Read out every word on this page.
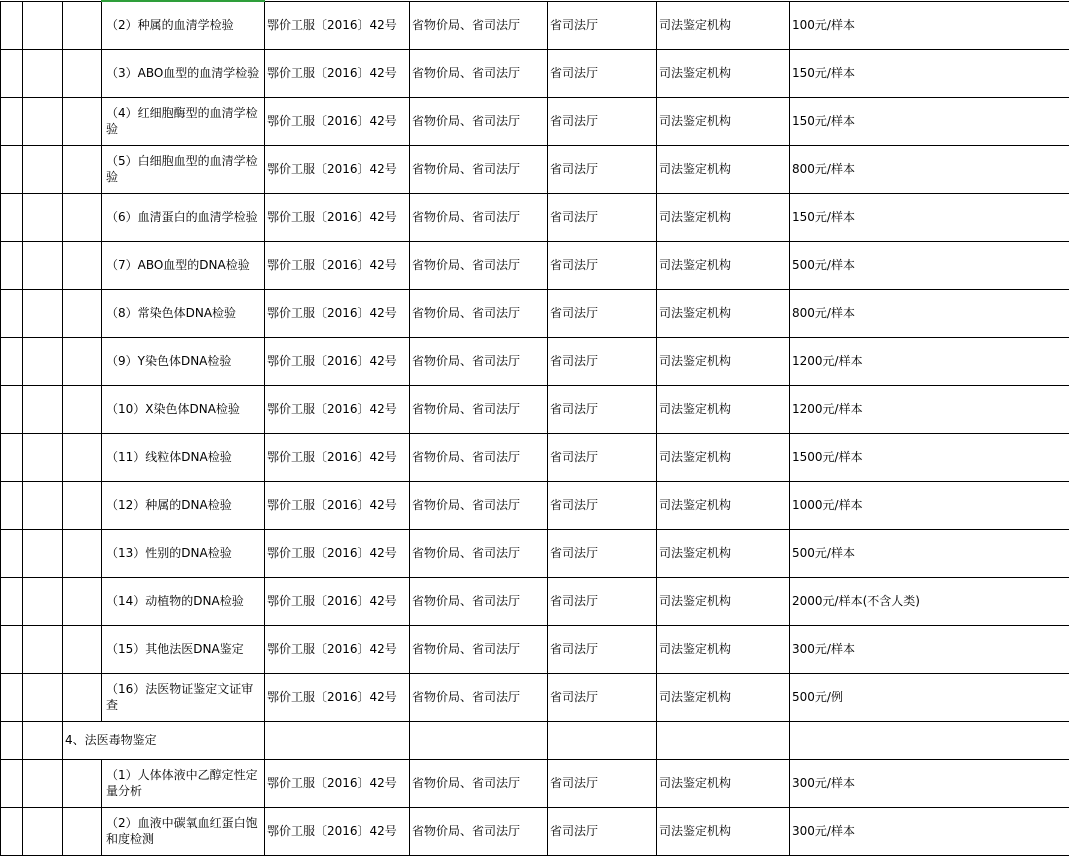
			（2）种属的血清学检验	鄂价工服〔2016〕42号	省物价局、省司法厅	省司法厅	司法鉴定机构	100元/样本
			（3）ABO血型的血清学检验	鄂价工服〔2016〕42号	省物价局、省司法厅	省司法厅	司法鉴定机构	150元/样本
			（4）红细胞酶型的血清学检验	鄂价工服〔2016〕42号	省物价局、省司法厅	省司法厅	司法鉴定机构	150元/样本
			（5）白细胞血型的血清学检验	鄂价工服〔2016〕42号	省物价局、省司法厅	省司法厅	司法鉴定机构	800元/样本
			（6）血清蛋白的血清学检验	鄂价工服〔2016〕42号	省物价局、省司法厅	省司法厅	司法鉴定机构	150元/样本
			（7）ABO血型的DNA检验	鄂价工服〔2016〕42号	省物价局、省司法厅	省司法厅	司法鉴定机构	500元/样本
			（8）常染色体DNA检验	鄂价工服〔2016〕42号	省物价局、省司法厅	省司法厅	司法鉴定机构	800元/样本
			（9）Y染色体DNA检验	鄂价工服〔2016〕42号	省物价局、省司法厅	省司法厅	司法鉴定机构	1200元/样本
			（10）X染色体DNA检验	鄂价工服〔2016〕42号	省物价局、省司法厅	省司法厅	司法鉴定机构	1200元/样本
			（11）线粒体DNA检验	鄂价工服〔2016〕42号	省物价局、省司法厅	省司法厅	司法鉴定机构	1500元/样本
			（12）种属的DNA检验	鄂价工服〔2016〕42号	省物价局、省司法厅	省司法厅	司法鉴定机构	1000元/样本
			（13）性别的DNA检验	鄂价工服〔2016〕42号	省物价局、省司法厅	省司法厅	司法鉴定机构	500元/样本
			（14）动植物的DNA检验	鄂价工服〔2016〕42号	省物价局、省司法厅	省司法厅	司法鉴定机构	2000元/样本(不含人类)
			（15）其他法医DNA鉴定	鄂价工服〔2016〕42号	省物价局、省司法厅	省司法厅	司法鉴定机构	300元/样本
			（16）法医物证鉴定文证审查	鄂价工服〔2016〕42号	省物价局、省司法厅	省司法厅	司法鉴定机构	500元/例
		4、法医毒物鉴定						
			（1）人体体液中乙醇定性定量分析	鄂价工服〔2016〕42号	省物价局、省司法厅	省司法厅	司法鉴定机构	300元/样本
			（2）血液中碳氧血红蛋白饱和度检测	鄂价工服〔2016〕42号	省物价局、省司法厅	省司法厅	司法鉴定机构	300元/样本
